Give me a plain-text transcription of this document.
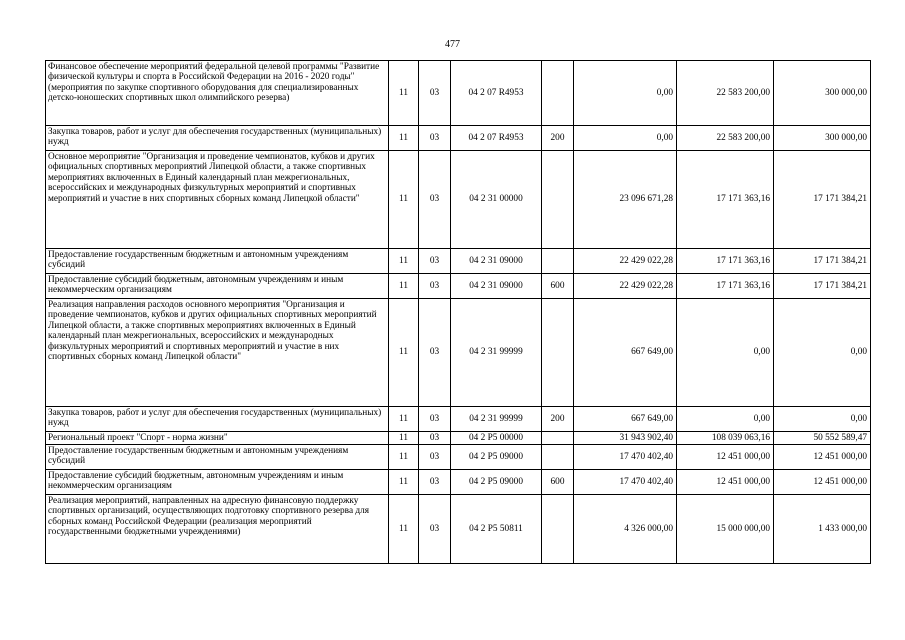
477
Финансовое обеспечение мероприятий федеральной целевой программы "Развитие физической культуры и спорта в Российской Федерации на 2016 - 2020 годы" (мероприятия по закупке спортивного оборудования для специализированных детско-юношеских спортивных школ олимпийского резерва)	11	03	04 2 07 R4953		0,00	22 583 200,00	300 000,00
Закупка товаров, работ и услуг для обеспечения государственных (муниципальных) нужд	11	03	04 2 07 R4953	200	0,00	22 583 200,00	300 000,00
Основное мероприятие "Организация и проведение чемпионатов, кубков и других официальных спортивных мероприятий Липецкой области, а также спортивных мероприятиях включенных в Единый календарный план межрегиональных, всероссийских и международных физкультурных мероприятий и спортивных мероприятий и участие в них спортивных сборных команд Липецкой области"	11	03	04 2 31 00000		23 096 671,28	17 171 363,16	17 171 384,21
Предоставление государственным бюджетным и автономным учреждениям субсидий	11	03	04 2 31 09000		22 429 022,28	17 171 363,16	17 171 384,21
Предоставление субсидий бюджетным, автономным учреждениям и иным некоммерческим организациям	11	03	04 2 31 09000	600	22 429 022,28	17 171 363,16	17 171 384,21
Реализация направления расходов основного мероприятия "Организация и проведение чемпионатов, кубков и других официальных спортивных мероприятий Липецкой области, а также спортивных мероприятиях включенных в Единый календарный план межрегиональных, всероссийских и международных физкультурных мероприятий и спортивных мероприятий и участие в них спортивных сборных команд Липецкой области"	11	03	04 2 31 99999		667 649,00	0,00	0,00
Закупка товаров, работ и услуг для обеспечения государственных (муниципальных) нужд	11	03	04 2 31 99999	200	667 649,00	0,00	0,00
Региональный проект "Спорт - норма жизни"	11	03	04 2 P5 00000		31 943 902,40	108 039 063,16	50 552 589,47
Предоставление государственным бюджетным и автономным учреждениям субсидий	11	03	04 2 P5 09000		17 470 402,40	12 451 000,00	12 451 000,00
Предоставление субсидий бюджетным, автономным учреждениям и иным некоммерческим организациям	11	03	04 2 P5 09000	600	17 470 402,40	12 451 000,00	12 451 000,00
Реализация мероприятий, направленных на адресную финансовую поддержку спортивных организаций, осуществляющих подготовку спортивного резерва для сборных команд Российской Федерации (реализация мероприятий государственными бюджетными учреждениями)	11	03	04 2 P5 50811		4 326 000,00	15 000 000,00	1 433 000,00
